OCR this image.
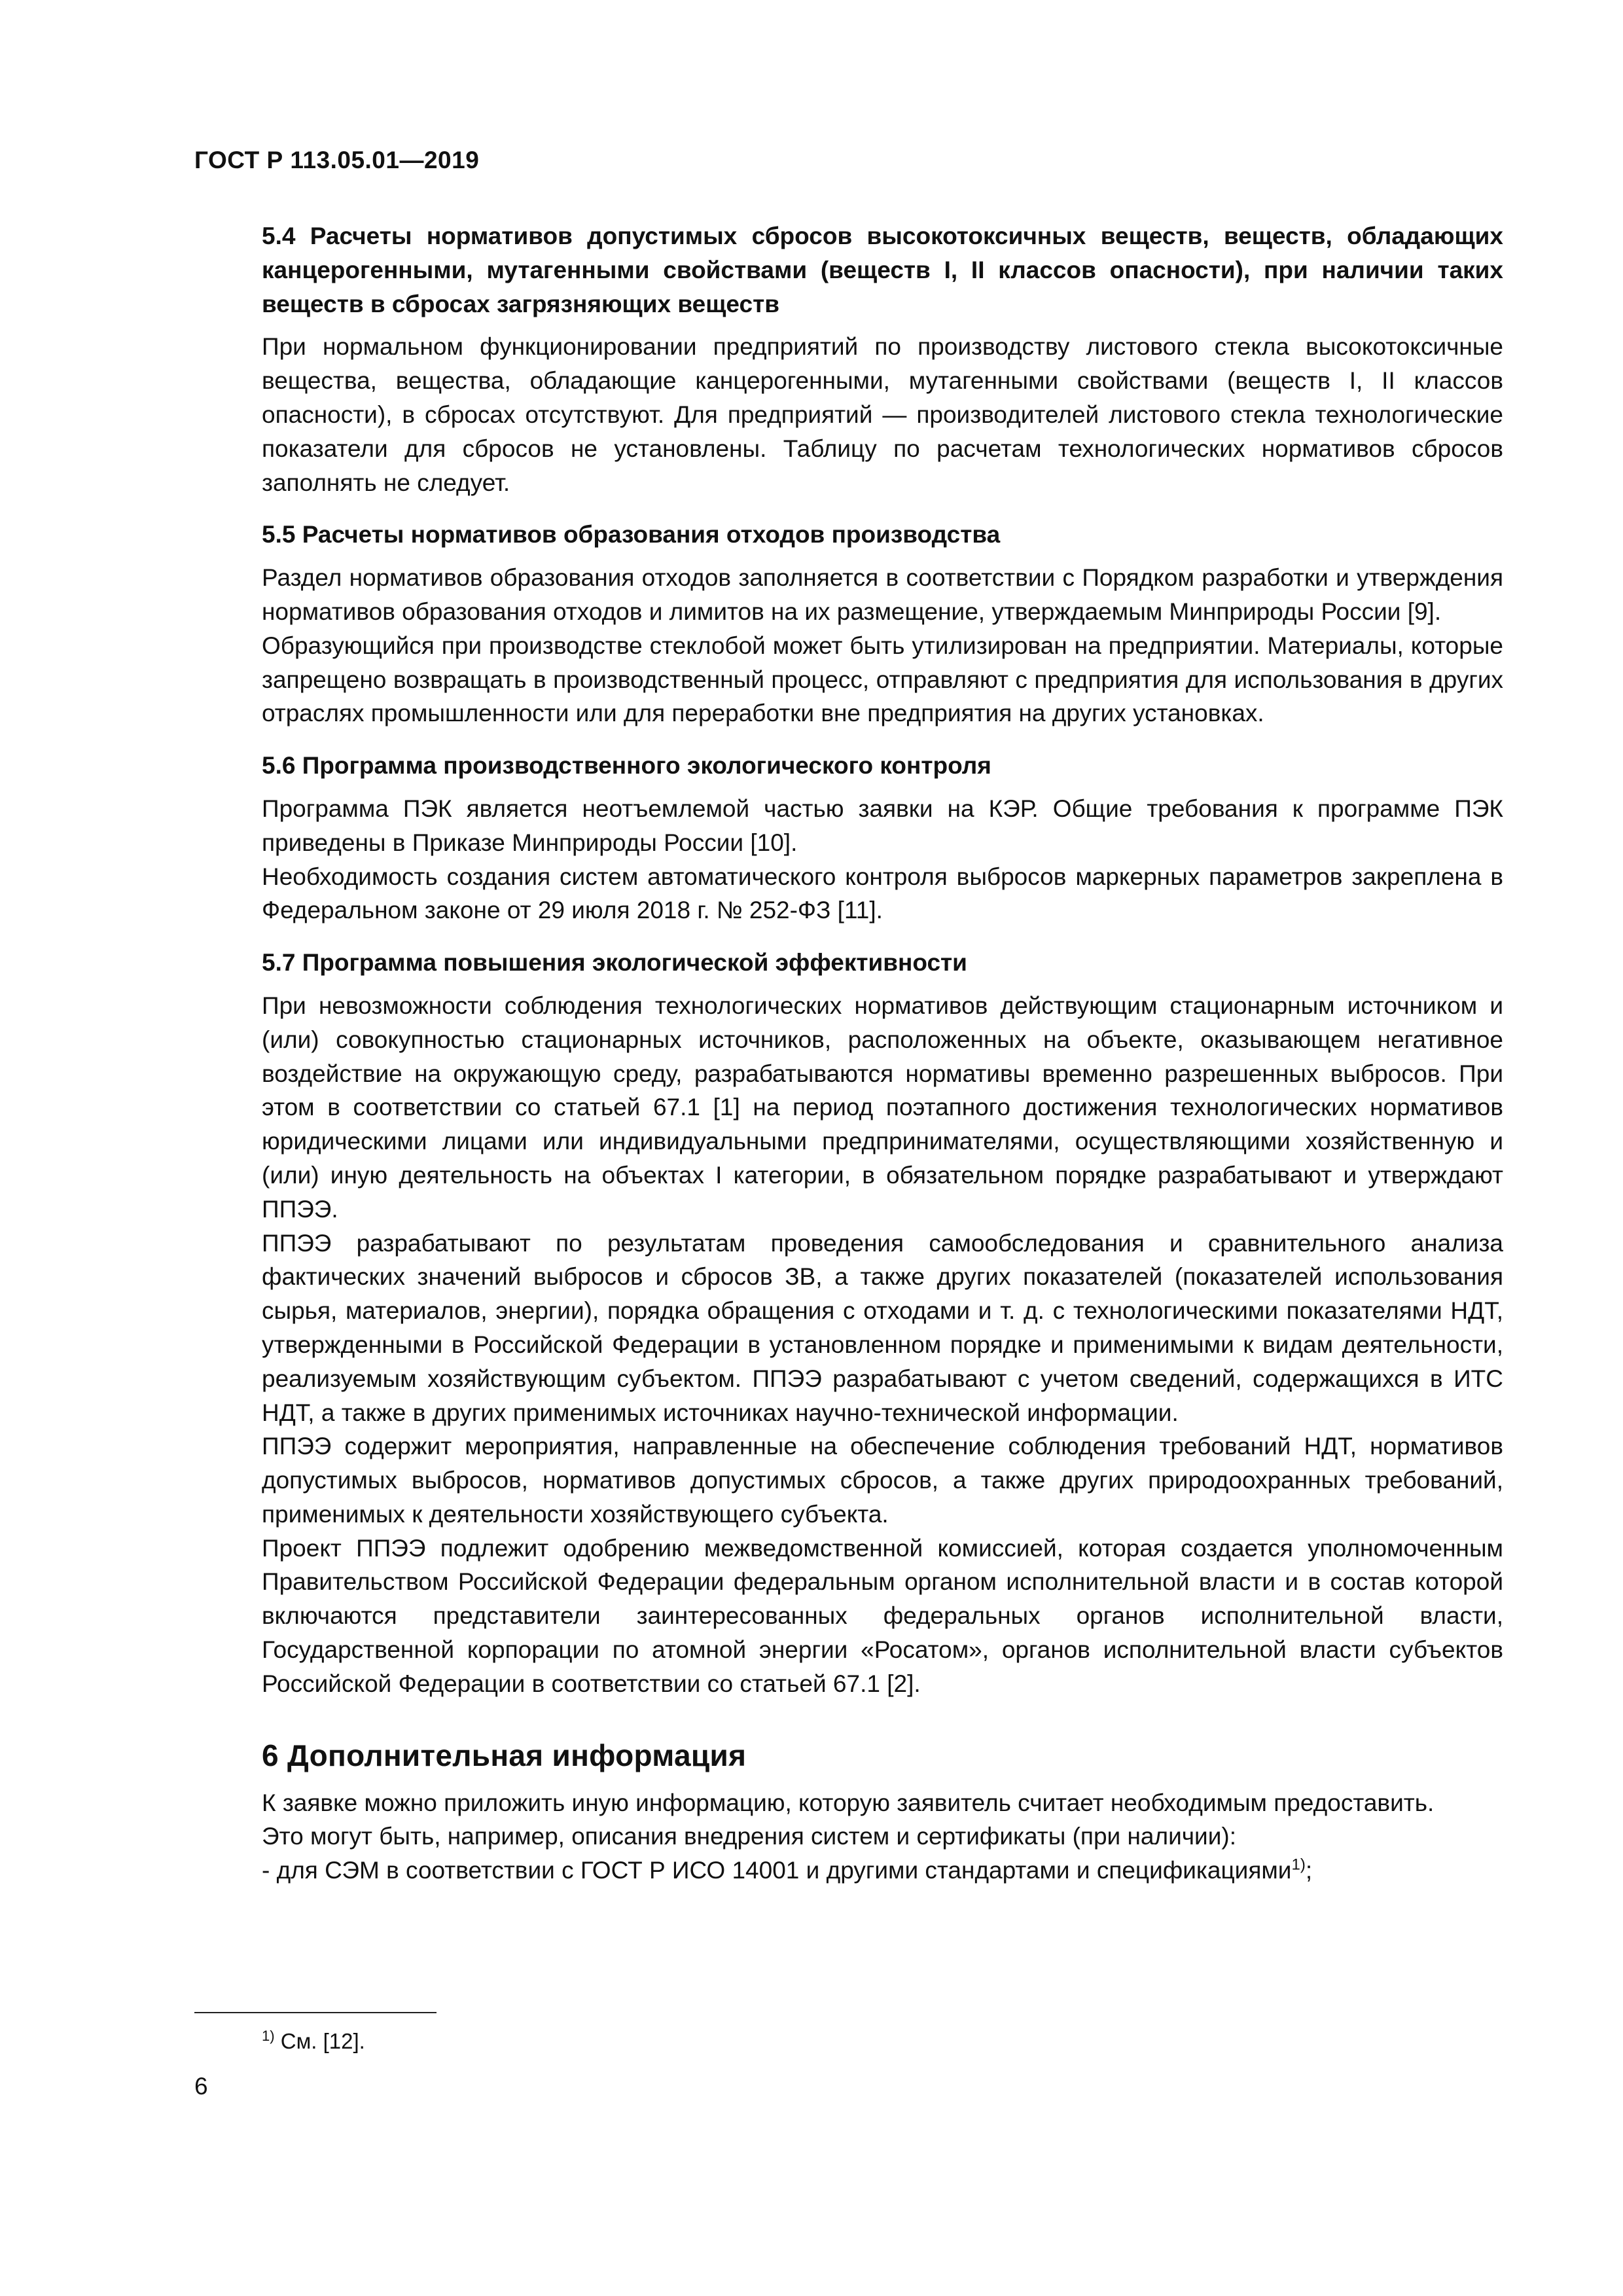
ГОСТ Р 113.05.01—2019

5.4 Расчеты нормативов допустимых сбросов высокотоксичных веществ, веществ, обладающих канцерогенными, мутагенными свойствами (веществ I, II классов опасности), при наличии таких веществ в сбросах загрязняющих веществ

При нормальном функционировании предприятий по производству листового стекла высокотоксичные вещества, вещества, обладающие канцерогенными, мутагенными свойствами (веществ I, II классов опасности), в сбросах отсутствуют. Для предприятий — производителей листового стекла технологические показатели для сбросов не установлены. Таблицу по расчетам технологических нормативов сбросов заполнять не следует.

5.5 Расчеты нормативов образования отходов производства

Раздел нормативов образования отходов заполняется в соответствии с Порядком разработки и утверждения нормативов образования отходов и лимитов на их размещение, утверждаемым Минприроды России [9].

Образующийся при производстве стеклобой может быть утилизирован на предприятии. Материалы, которые запрещено возвращать в производственный процесс, отправляют с предприятия для использования в других отраслях промышленности или для переработки вне предприятия на других установках.

5.6 Программа производственного экологического контроля

Программа ПЭК является неотъемлемой частью заявки на КЭР. Общие требования к программе ПЭК приведены в Приказе Минприроды России [10].

Необходимость создания систем автоматического контроля выбросов маркерных параметров закреплена в Федеральном законе от 29 июля 2018 г. № 252-ФЗ [11].

5.7 Программа повышения экологической эффективности

При невозможности соблюдения технологических нормативов действующим стационарным источником и (или) совокупностью стационарных источников, расположенных на объекте, оказывающем негативное воздействие на окружающую среду, разрабатываются нормативы временно разрешенных выбросов. При этом в соответствии со статьей 67.1 [1] на период поэтапного достижения технологических нормативов юридическими лицами или индивидуальными предпринимателями, осуществляющими хозяйственную и (или) иную деятельность на объектах I категории, в обязательном порядке разрабатывают и утверждают ППЭЭ.

ППЭЭ разрабатывают по результатам проведения самообследования и сравнительного анализа фактических значений выбросов и сбросов ЗВ, а также других показателей (показателей использования сырья, материалов, энергии), порядка обращения с отходами и т. д. с технологическими показателями НДТ, утвержденными в Российской Федерации в установленном порядке и применимыми к видам деятельности, реализуемым хозяйствующим субъектом. ППЭЭ разрабатывают с учетом сведений, содержащихся в ИТС НДТ, а также в других применимых источниках научно-технической информации.

ППЭЭ содержит мероприятия, направленные на обеспечение соблюдения требований НДТ, нормативов допустимых выбросов, нормативов допустимых сбросов, а также других природоохранных требований, применимых к деятельности хозяйствующего субъекта.

Проект ППЭЭ подлежит одобрению межведомственной комиссией, которая создается уполномоченным Правительством Российской Федерации федеральным органом исполнительной власти и в состав которой включаются представители заинтересованных федеральных органов исполнительной власти, Государственной корпорации по атомной энергии «Росатом», органов исполнительной власти субъектов Российской Федерации в соответствии со статьей 67.1 [2].

6 Дополнительная информация

К заявке можно приложить иную информацию, которую заявитель считает необходимым предоставить.

Это могут быть, например, описания внедрения систем и сертификаты (при наличии):

- для СЭМ в соответствии с ГОСТ Р ИСО 14001 и другими стандартами и спецификациями$^{1)}$;

$^{1)}$ См. [12].
6
